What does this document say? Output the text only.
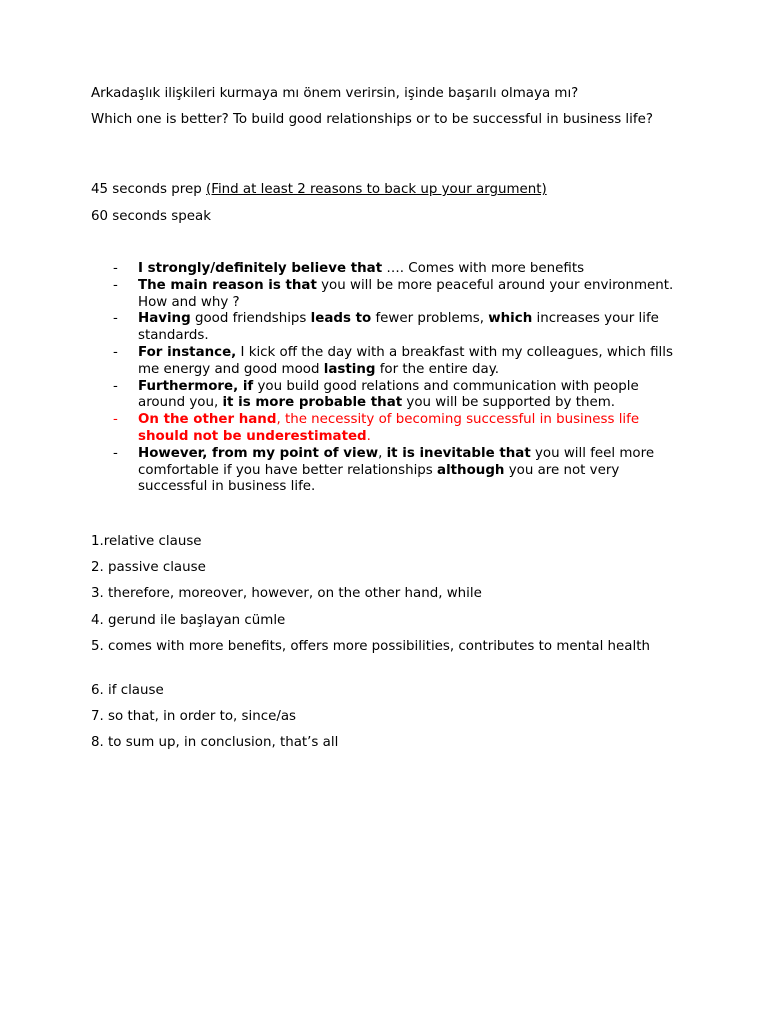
Arkadaşlık ilişkileri kurmaya mı önem verirsin, işinde başarılı olmaya mı?

Which one is better? To build good relationships or to be successful in business life?

45 seconds prep (Find at least 2 reasons to back up your argument)

60 seconds speak

- I strongly/definitely believe that …. Comes with more benefits
- The main reason is that you will be more peaceful around your environment. How and why ?
- Having good friendships leads to fewer problems, which increases your life standards.
- For instance, I kick off the day with a breakfast with my colleagues, which fills me energy and good mood lasting for the entire day.
- Furthermore, if you build good relations and communication with people around you, it is more probable that you will be supported by them.
- On the other hand, the necessity of becoming successful in business life should not be underestimated.
- However, from my point of view, it is inevitable that you will feel more comfortable if you have better relationships although you are not very successful in business life.

1.relative clause

2. passive clause

3. therefore, moreover, however, on the other hand, while

4. gerund ile başlayan cümle

5. comes with more benefits, offers more possibilities, contributes to mental health

6. if clause

7. so that, in order to, since/as

8. to sum up, in conclusion, that’s all
